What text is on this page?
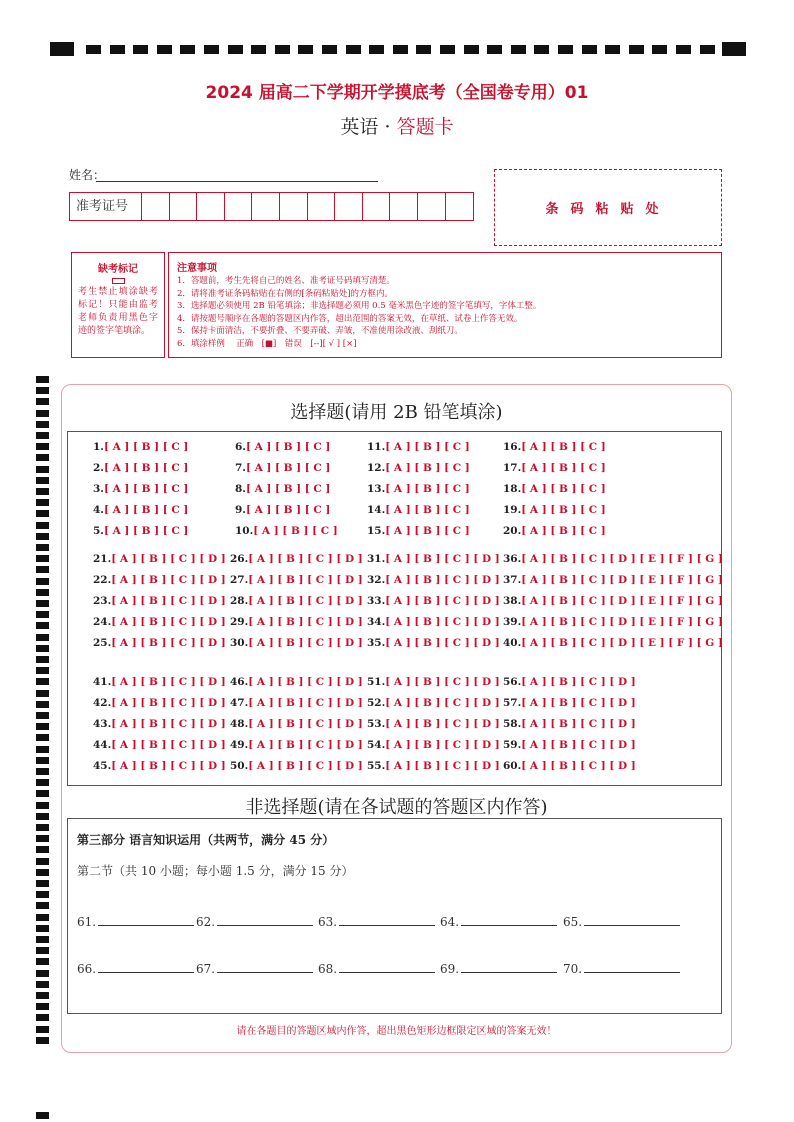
2024 届高二下学期开学摸底考（全国卷专用）01
英语 · 答题卡
姓名：
准考证号	条码粘贴处
缺考标记
考生禁止填涂缺考标记！只能由监考老师负责用黑色字迹的签字笔填涂。
注意事项
1．答题前，考生先将自己的姓名、准考证号码填写清楚。
2．请将准考证条码粘贴在右侧的[条码粘贴处]的方框内。
3．选择题必须使用 2B 铅笔填涂；非选择题必须用 0.5 毫米黑色字迹的签字笔填写，字体工整。
4．请按题号顺序在各题的答题区内作答，超出范围的答案无效，在草纸、试卷上作答无效。
5．保持卡面清洁，不要折叠、不要弄破、弄皱，不准使用涂改液、刮纸刀。
6．填涂样例　 正确　[■]　错误　[--][ √ ] [×]
选择题(请用 2B 铅笔填涂)
1.[ A ] [ B ] [ C ]
2.[ A ] [ B ] [ C ]
3.[ A ] [ B ] [ C ]
4.[ A ] [ B ] [ C ]
5.[ A ] [ B ] [ C ]
6.[ A ] [ B ] [ C ]
7.[ A ] [ B ] [ C ]
8.[ A ] [ B ] [ C ]
9.[ A ] [ B ] [ C ]
10.[ A ] [ B ] [ C ]
11.[ A ] [ B ] [ C ]
12.[ A ] [ B ] [ C ]
13.[ A ] [ B ] [ C ]
14.[ A ] [ B ] [ C ]
15.[ A ] [ B ] [ C ]
16.[ A ] [ B ] [ C ]
17.[ A ] [ B ] [ C ]
18.[ A ] [ B ] [ C ]
19.[ A ] [ B ] [ C ]
20.[ A ] [ B ] [ C ]
21.[ A ] [ B ] [ C ] [ D ]
22.[ A ] [ B ] [ C ] [ D ]
23.[ A ] [ B ] [ C ] [ D ]
24.[ A ] [ B ] [ C ] [ D ]
25.[ A ] [ B ] [ C ] [ D ]
26.[ A ] [ B ] [ C ] [ D ]
27.[ A ] [ B ] [ C ] [ D ]
28.[ A ] [ B ] [ C ] [ D ]
29.[ A ] [ B ] [ C ] [ D ]
30.[ A ] [ B ] [ C ] [ D ]
31.[ A ] [ B ] [ C ] [ D ]
32.[ A ] [ B ] [ C ] [ D ]
33.[ A ] [ B ] [ C ] [ D ]
34.[ A ] [ B ] [ C ] [ D ]
35.[ A ] [ B ] [ C ] [ D ]
36.[ A ] [ B ] [ C ] [ D ] [ E ] [ F ] [ G ]
37.[ A ] [ B ] [ C ] [ D ] [ E ] [ F ] [ G ]
38.[ A ] [ B ] [ C ] [ D ] [ E ] [ F ] [ G ]
39.[ A ] [ B ] [ C ] [ D ] [ E ] [ F ] [ G ]
40.[ A ] [ B ] [ C ] [ D ] [ E ] [ F ] [ G ]
41.[ A ] [ B ] [ C ] [ D ]
42.[ A ] [ B ] [ C ] [ D ]
43.[ A ] [ B ] [ C ] [ D ]
44.[ A ] [ B ] [ C ] [ D ]
45.[ A ] [ B ] [ C ] [ D ]
46.[ A ] [ B ] [ C ] [ D ]
47.[ A ] [ B ] [ C ] [ D ]
48.[ A ] [ B ] [ C ] [ D ]
49.[ A ] [ B ] [ C ] [ D ]
50.[ A ] [ B ] [ C ] [ D ]
51.[ A ] [ B ] [ C ] [ D ]
52.[ A ] [ B ] [ C ] [ D ]
53.[ A ] [ B ] [ C ] [ D ]
54.[ A ] [ B ] [ C ] [ D ]
55.[ A ] [ B ] [ C ] [ D ]
56.[ A ] [ B ] [ C ] [ D ]
57.[ A ] [ B ] [ C ] [ D ]
58.[ A ] [ B ] [ C ] [ D ]
59.[ A ] [ B ] [ C ] [ D ]
60.[ A ] [ B ] [ C ] [ D ]
非选择题(请在各试题的答题区内作答)
第三部分 语言知识运用（共两节，满分 45 分）
第二节（共 10 小题；每小题 1.5 分，满分 15 分）
61.	62.	63.	64.	65.
66.	67.	68.	69.	70.
请在各题目的答题区域内作答，超出黑色矩形边框限定区域的答案无效！
